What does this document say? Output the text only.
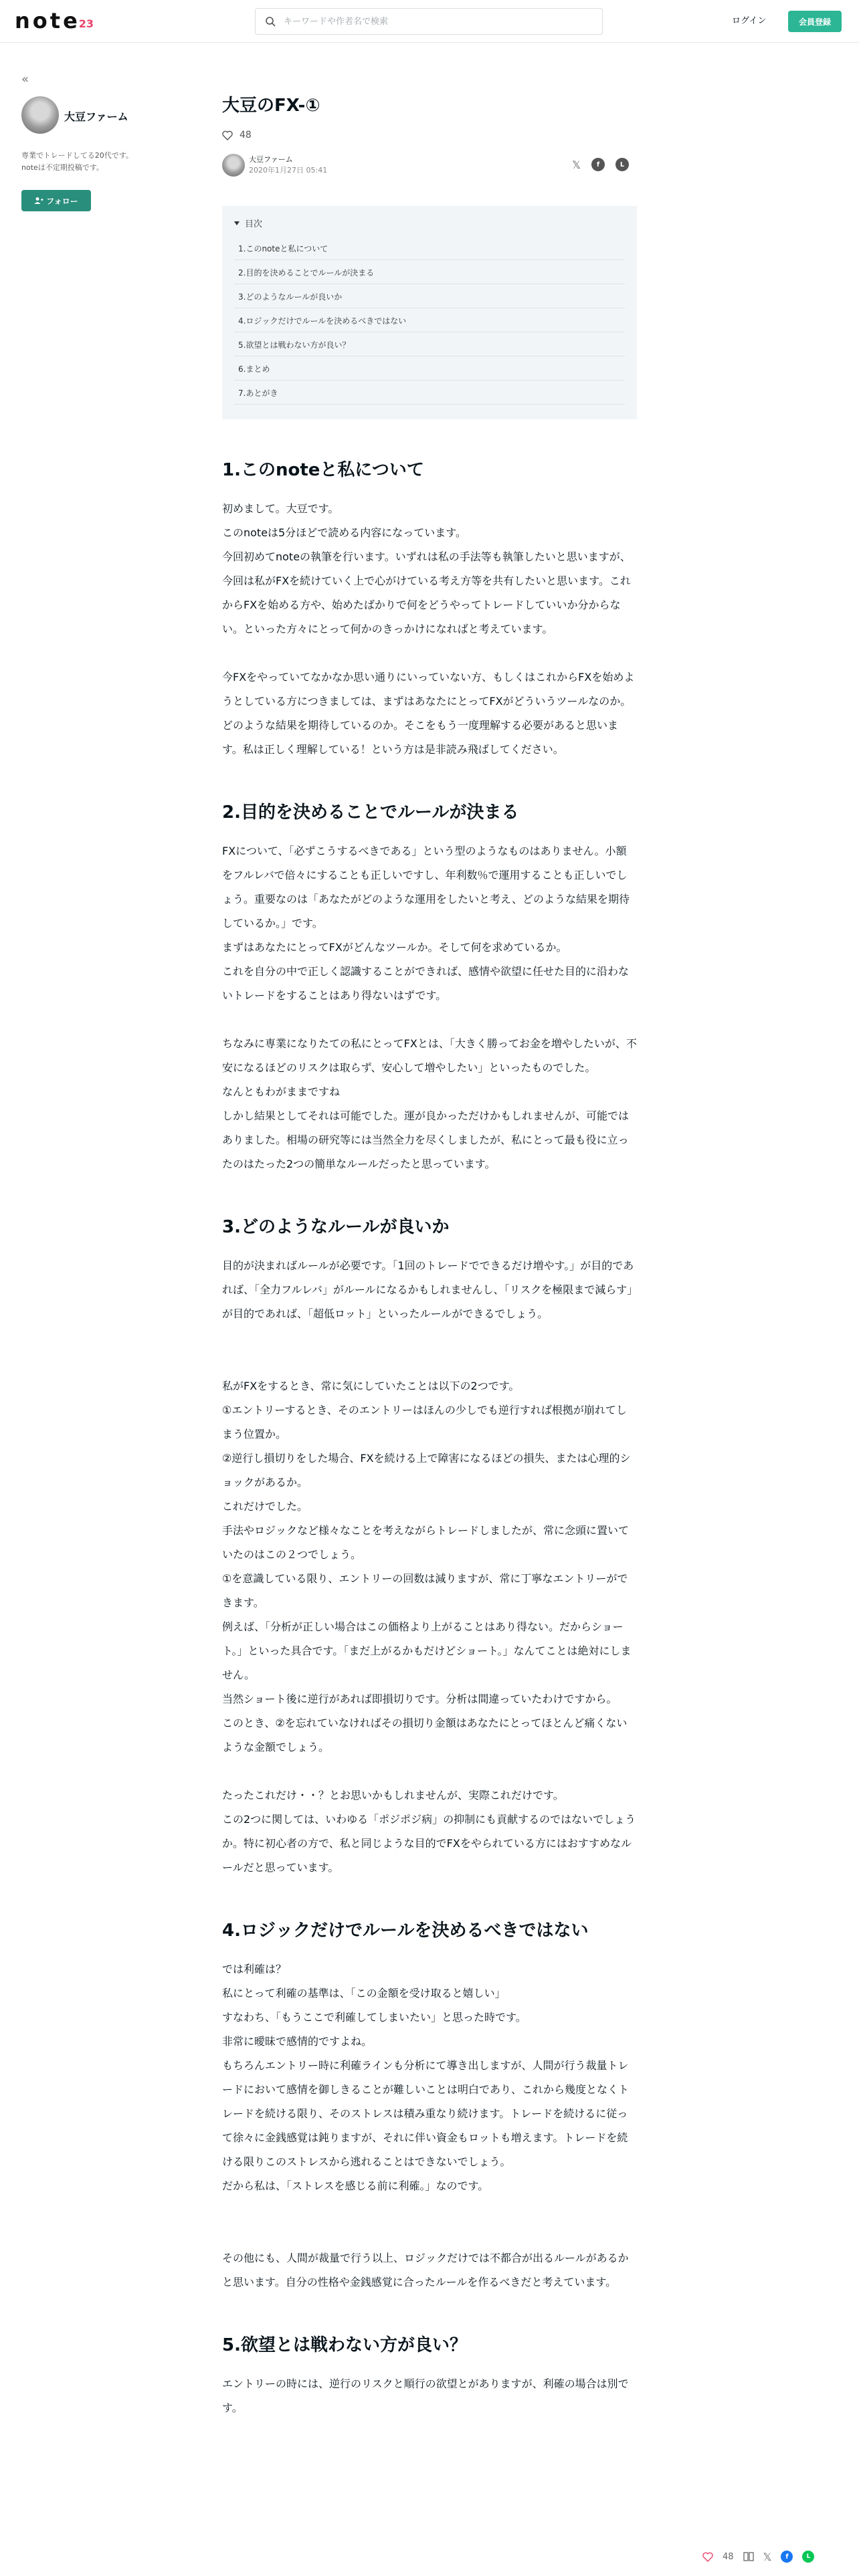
note
23
キーワードや作者名で検索	ログイン	会員登録
«
大豆ファーム
専業でトレードしてる20代です。
noteは不定期投稿です。
フォロー
大豆のFX-①
48
大豆ファーム
2020年1月27日 05:41	𝕏	f	L
目次
1.このnoteと私について
2.目的を決めることでルールが決まる
3.どのようなルールが良いか
4.ロジックだけでルールを決めるべきではない
5.欲望とは戦わない方が良い？
6.まとめ
7.あとがき
1.このnoteと私について

初めまして。大豆です。

このnoteは5分ほどで読める内容になっています。

今回初めてnoteの執筆を行います。いずれは私の手法等も執筆したいと思いますが、今回は私がFXを続けていく上で心がけている考え方等を共有したいと思います。これからFXを始める方や、始めたばかりで何をどうやってトレードしていいか分からない。といった方々にとって何かのきっかけになればと考えています。

今FXをやっていてなかなか思い通りにいっていない方、もしくはこれからFXを始めようとしている方につきましては、まずはあなたにとってFXがどういうツールなのか。どのような結果を期待しているのか。そこをもう一度理解する必要があると思います。私は正しく理解している！という方は是非読み飛ばしてください。

2.目的を決めることでルールが決まる

FXについて、「必ずこうするべきである」という型のようなものはありません。小額をフルレバで倍々にすることも正しいですし、年利数％で運用することも正しいでしょう。重要なのは「あなたがどのような運用をしたいと考え、どのような結果を期待しているか。」です。

まずはあなたにとってFXがどんなツールか。そして何を求めているか。

これを自分の中で正しく認識することができれば、感情や欲望に任せた目的に沿わないトレードをすることはあり得ないはずです。

ちなみに専業になりたての私にとってFXとは、「大きく勝ってお金を増やしたいが、不安になるほどのリスクは取らず、安心して増やしたい」といったものでした。

なんともわがままですね

しかし結果としてそれは可能でした。運が良かっただけかもしれませんが、可能ではありました。相場の研究等には当然全力を尽くしましたが、私にとって最も役に立ったのはたった2つの簡単なルールだったと思っています。

3.どのようなルールが良いか

目的が決まればルールが必要です。「1回のトレードでできるだけ増やす。」が目的であれば、「全力フルレバ」がルールになるかもしれませんし、「リスクを極限まで減らす」が目的であれば、「超低ロット」といったルールができるでしょう。

私がFXをするとき、常に気にしていたことは以下の2つです。

①エントリーするとき、そのエントリーはほんの少しでも逆行すれば根拠が崩れてしまう位置か。

②逆行し損切りをした場合、FXを続ける上で障害になるほどの損失、または心理的ショックがあるか。

これだけでした。

手法やロジックなど様々なことを考えながらトレードしましたが、常に念頭に置いていたのはこの２つでしょう。

①を意識している限り、エントリーの回数は減りますが、常に丁寧なエントリーができます。

例えば、「分析が正しい場合はこの価格より上がることはあり得ない。だからショート。」といった具合です。「まだ上がるかもだけどショート。」なんてことは絶対にしません。

当然ショート後に逆行があれば即損切りです。分析は間違っていたわけですから。

このとき、②を忘れていなければその損切り金額はあなたにとってほとんど痛くないような金額でしょう。

たったこれだけ・・？とお思いかもしれませんが、実際これだけです。

この2つに関しては、いわゆる「ポジポジ病」の抑制にも貢献するのではないでしょうか。特に初心者の方で、私と同じような目的でFXをやられている方にはおすすめなルールだと思っています。

4.ロジックだけでルールを決めるべきではない

では利確は？

私にとって利確の基準は、「この金額を受け取ると嬉しい」

すなわち、「もうここで利確してしまいたい」と思った時です。

非常に曖昧で感情的ですよね。

もちろんエントリー時に利確ラインも分析にて導き出しますが、人間が行う裁量トレードにおいて感情を御しきることが難しいことは明白であり、これから幾度となくトレードを続ける限り、そのストレスは積み重なり続けます。トレードを続けるに従って徐々に金銭感覚は鈍りますが、それに伴い資金もロットも増えます。トレードを続ける限りこのストレスから逃れることはできないでしょう。

だから私は、「ストレスを感じる前に利確。」なのです。

その他にも、人間が裁量で行う以上、ロジックだけでは不都合が出るルールがあるかと思います。自分の性格や金銭感覚に合ったルールを作るべきだと考えています。

5.欲望とは戦わない方が良い？

エントリーの時には、逆行のリスクと順行の欲望とがありますが、利確の場合は別です。

48	𝕏	f	L
